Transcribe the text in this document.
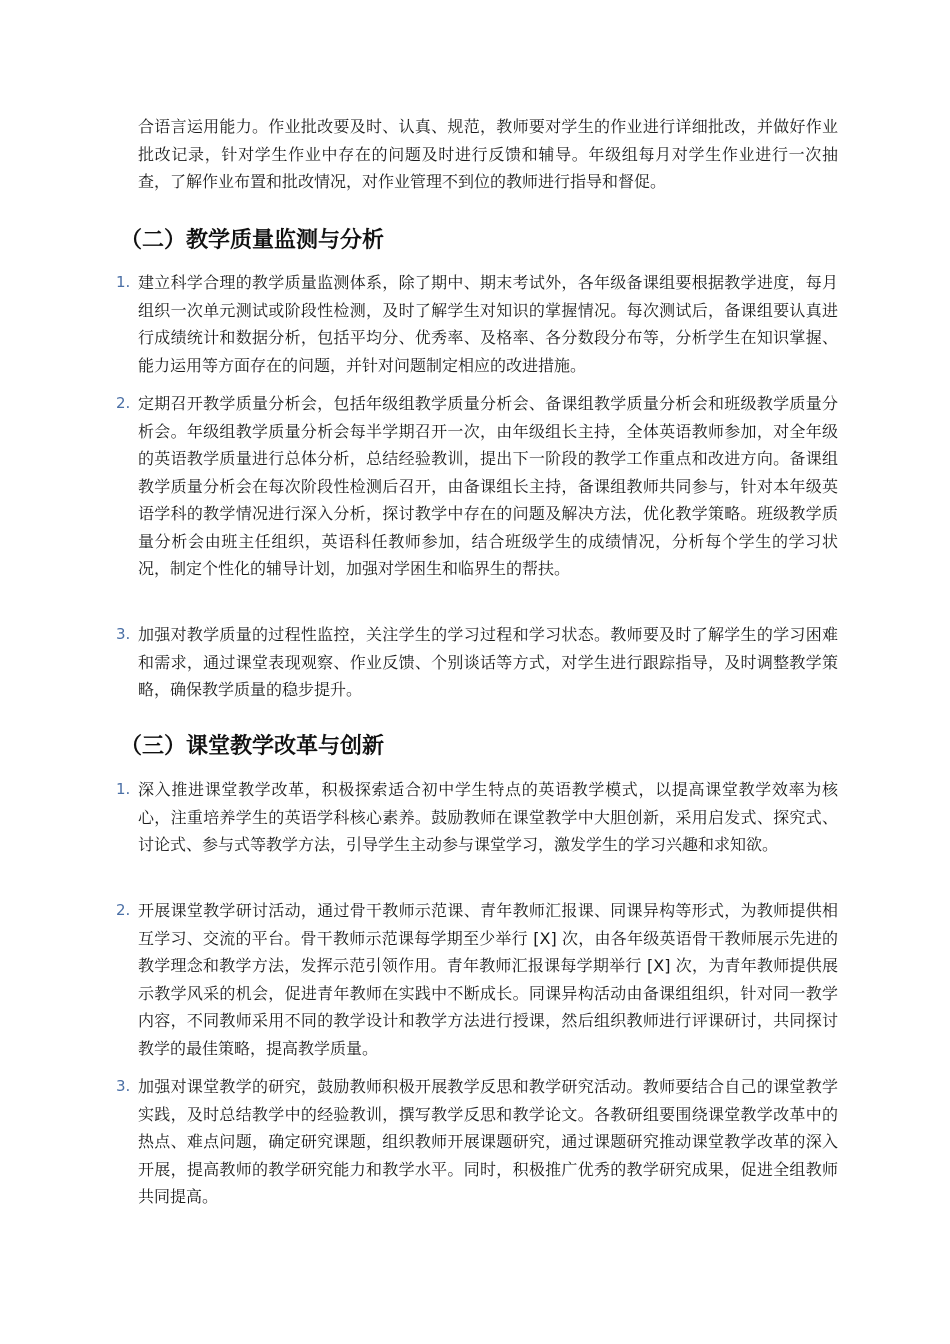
合语言运用能力。作业批改要及时、认真、规范，教师要对学生的作业进行详细批改，并做好作业批改记录，针对学生作业中存在的问题及时进行反馈和辅导。年级组每月对学生作业进行一次抽查，了解作业布置和批改情况，对作业管理不到位的教师进行指导和督促。

（二）教学质量监测与分析
1. 建立科学合理的教学质量监测体系，除了期中、期末考试外，各年级备课组要根据教学进度，每月组织一次单元测试或阶段性检测，及时了解学生对知识的掌握情况。每次测试后，备课组要认真进行成绩统计和数据分析，包括平均分、优秀率、及格率、各分数段分布等，分析学生在知识掌握、能力运用等方面存在的问题，并针对问题制定相应的改进措施。

2. 定期召开教学质量分析会，包括年级组教学质量分析会、备课组教学质量分析会和班级教学质量分析会。年级组教学质量分析会每半学期召开一次，由年级组长主持，全体英语教师参加，对全年级的英语教学质量进行总体分析，总结经验教训，提出下一阶段的教学工作重点和改进方向。备课组教学质量分析会在每次阶段性检测后召开，由备课组长主持，备课组教师共同参与，针对本年级英语学科的教学情况进行深入分析，探讨教学中存在的问题及解决方法，优化教学策略。班级教学质量分析会由班主任组织，英语科任教师参加，结合班级学生的成绩情况，分析每个学生的学习状况，制定个性化的辅导计划，加强对学困生和临界生的帮扶。

3. 加强对教学质量的过程性监控，关注学生的学习过程和学习状态。教师要及时了解学生的学习困难和需求，通过课堂表现观察、作业反馈、个别谈话等方式，对学生进行跟踪指导，及时调整教学策略，确保教学质量的稳步提升。

（三）课堂教学改革与创新
1. 深入推进课堂教学改革，积极探索适合初中学生特点的英语教学模式，以提高课堂教学效率为核心，注重培养学生的英语学科核心素养。鼓励教师在课堂教学中大胆创新，采用启发式、探究式、讨论式、参与式等教学方法，引导学生主动参与课堂学习，激发学生的学习兴趣和求知欲。

2. 开展课堂教学研讨活动，通过骨干教师示范课、青年教师汇报课、同课异构等形式，为教师提供相互学习、交流的平台。骨干教师示范课每学期至少举行 [X] 次，由各年级英语骨干教师展示先进的教学理念和教学方法，发挥示范引领作用。青年教师汇报课每学期举行 [X] 次，为青年教师提供展示教学风采的机会，促进青年教师在实践中不断成长。同课异构活动由备课组组织，针对同一教学内容，不同教师采用不同的教学设计和教学方法进行授课，然后组织教师进行评课研讨，共同探讨教学的最佳策略，提高教学质量。

3. 加强对课堂教学的研究，鼓励教师积极开展教学反思和教学研究活动。教师要结合自己的课堂教学实践，及时总结教学中的经验教训，撰写教学反思和教学论文。各教研组要围绕课堂教学改革中的热点、难点问题，确定研究课题，组织教师开展课题研究，通过课题研究推动课堂教学改革的深入开展，提高教师的教学研究能力和教学水平。同时，积极推广优秀的教学研究成果，促进全组教师共同提高。
